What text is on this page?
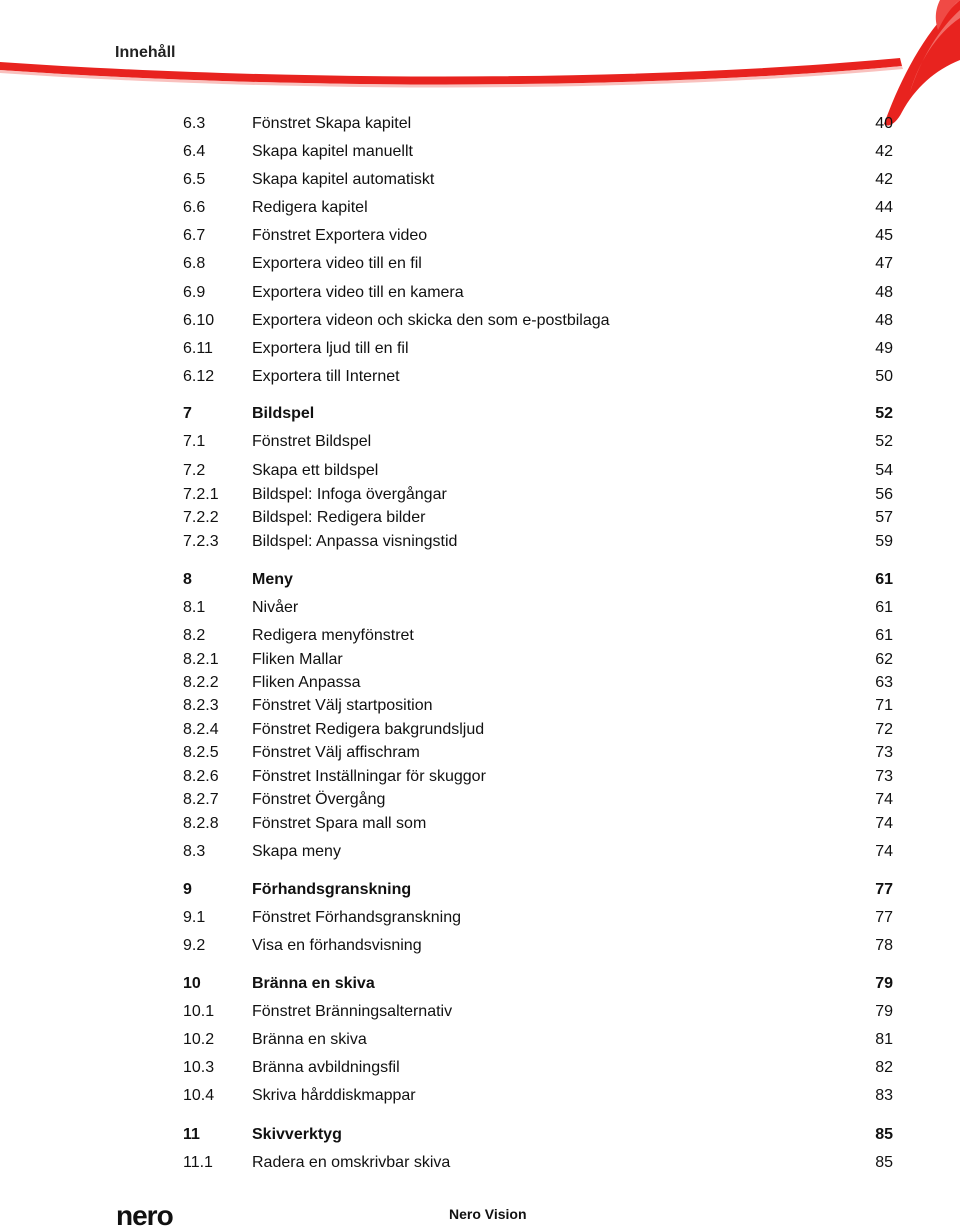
Innehåll
6.3	Fönstret Skapa kapitel	40
6.4	Skapa kapitel manuellt	42
6.5	Skapa kapitel automatiskt	42
6.6	Redigera kapitel	44
6.7	Fönstret Exportera video	45
6.8	Exportera video till en fil	47
6.9	Exportera video till en kamera	48
6.10 Exportera videon och skicka den som e-postbilaga	48
6.11 Exportera ljud till en fil	49
6.12 Exportera till Internet	50
7	Bildspel	52
7.1	Fönstret Bildspel	52
7.2	Skapa ett bildspel	54
7.2.1 Bildspel: Infoga övergångar	56
7.2.2 Bildspel: Redigera bilder	57
7.2.3 Bildspel: Anpassa visningstid	59
8	Meny	61
8.1	Nivåer	61
8.2	Redigera menyfönstret	61
8.2.1 Fliken Mallar	62
8.2.2 Fliken Anpassa	63
8.2.3 Fönstret Välj startposition	71
8.2.4 Fönstret Redigera bakgrundsljud	72
8.2.5 Fönstret Välj affischram	73
8.2.6 Fönstret Inställningar för skuggor	73
8.2.7 Fönstret Övergång	74
8.2.8 Fönstret Spara mall som	74
8.3	Skapa meny	74
9	Förhandsgranskning	77
9.1	Fönstret Förhandsgranskning	77
9.2	Visa en förhandsvisning	78
10	Bränna en skiva	79
10.1 Fönstret Bränningsalternativ	79
10.2 Bränna en skiva	81
10.3 Bränna avbildningsfil	82
10.4 Skriva hårddiskmappar	83
11	Skivverktyg	85
11.1 Radera en omskrivbar skiva	85
nero	Nero Vision
